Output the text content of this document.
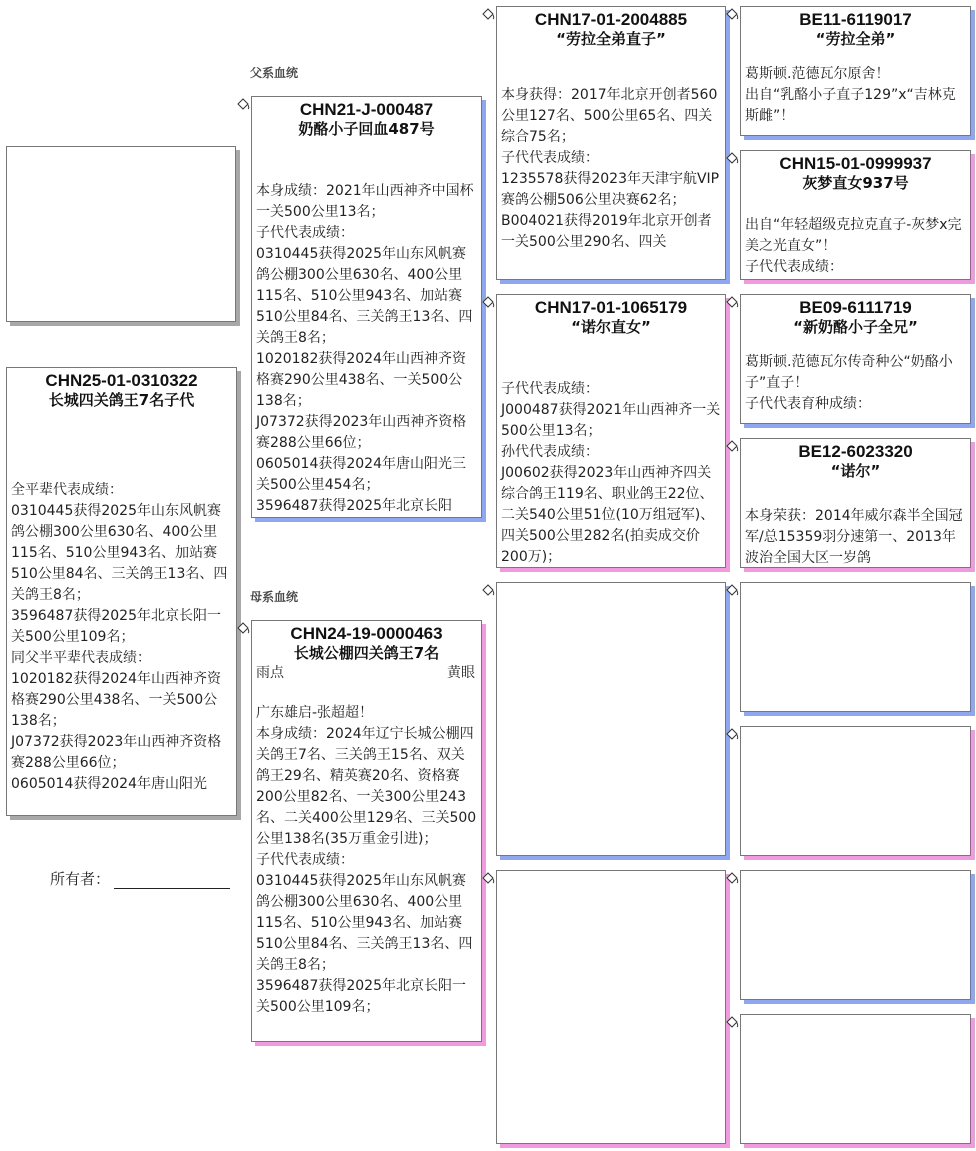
父系血统
母系血统
CHN25-01-0310322
长城四关鸽王7名子代
全平辈代表成绩：
0310445获得2025年山东风帆赛鸽公棚300公里630名、400公里115名、510公里943名、加站赛510公里84名、三关鸽王13名、四关鸽王8名；
3596487获得2025年北京长阳一关500公里109名；
同父半平辈代表成绩：
1020182获得2024年山西神齐资格赛290公里438名、一关500公138名；
J07372获得2023年山西神齐资格赛288公里66位；
0605014获得2024年唐山阳光
所有者：
CHN21-J-000487
奶酪小子回血487号
本身成绩：2021年山西神齐中国杯一关500公里13名；
子代代表成绩：
0310445获得2025年山东风帆赛鸽公棚300公里630名、400公里115名、510公里943名、加站赛510公里84名、三关鸽王13名、四关鸽王8名；
1020182获得2024年山西神齐资格赛290公里438名、一关500公138名；
J07372获得2023年山西神齐资格赛288公里66位；
0605014获得2024年唐山阳光三关500公里454名；
3596487获得2025年北京长阳
CHN24-19-0000463
长城公棚四关鸽王7名
雨点	黄眼
广东雄启-张超超！
本身成绩：2024年辽宁长城公棚四关鸽王7名、三关鸽王15名、双关鸽王29名、精英赛20名、资格赛200公里82名、一关300公里243名、二关400公里129名、三关500公里138名(35万重金引进)；
子代代表成绩：
0310445获得2025年山东风帆赛鸽公棚300公里630名、400公里115名、510公里943名、加站赛510公里84名、三关鸽王13名、四关鸽王8名；
3596487获得2025年北京长阳一关500公里109名；
CHN17-01-2004885
“劳拉全弟直子”
本身获得：2017年北京开创者560公里127名、500公里65名、四关综合75名；
子代代表成绩：
1235578获得2023年天津宇航VIP赛鸽公棚506公里决赛62名；
B004021获得2019年北京开创者一关500公里290名、四关
CHN17-01-1065179
“诺尔直女”
子代代表成绩：
J000487获得2021年山西神齐一关500公里13名；
孙代代表成绩：
J00602获得2023年山西神齐四关综合鸽王119名、职业鸽王22位、二关540公里51位(10万组冠军)、四关500公里282名(拍卖成交价200万)；
BE11-6119017
“劳拉全弟”
葛斯顿.范德瓦尔原舍！
出自“乳酪小子直子129”x“吉林克斯雌”！
CHN15-01-0999937
灰梦直女937号
出自“年轻超级克拉克直子-灰梦x完美之光直女”！
子代代表成绩：
BE09-6111719
“新奶酪小子全兄”
葛斯顿.范德瓦尔传奇种公“奶酪小子”直子！
子代代表育种成绩：
BE12-6023320
“诺尔”
本身荣获：2014年威尔森半全国冠军/总15359羽分速第一、2013年波治全国大区一岁鸽
